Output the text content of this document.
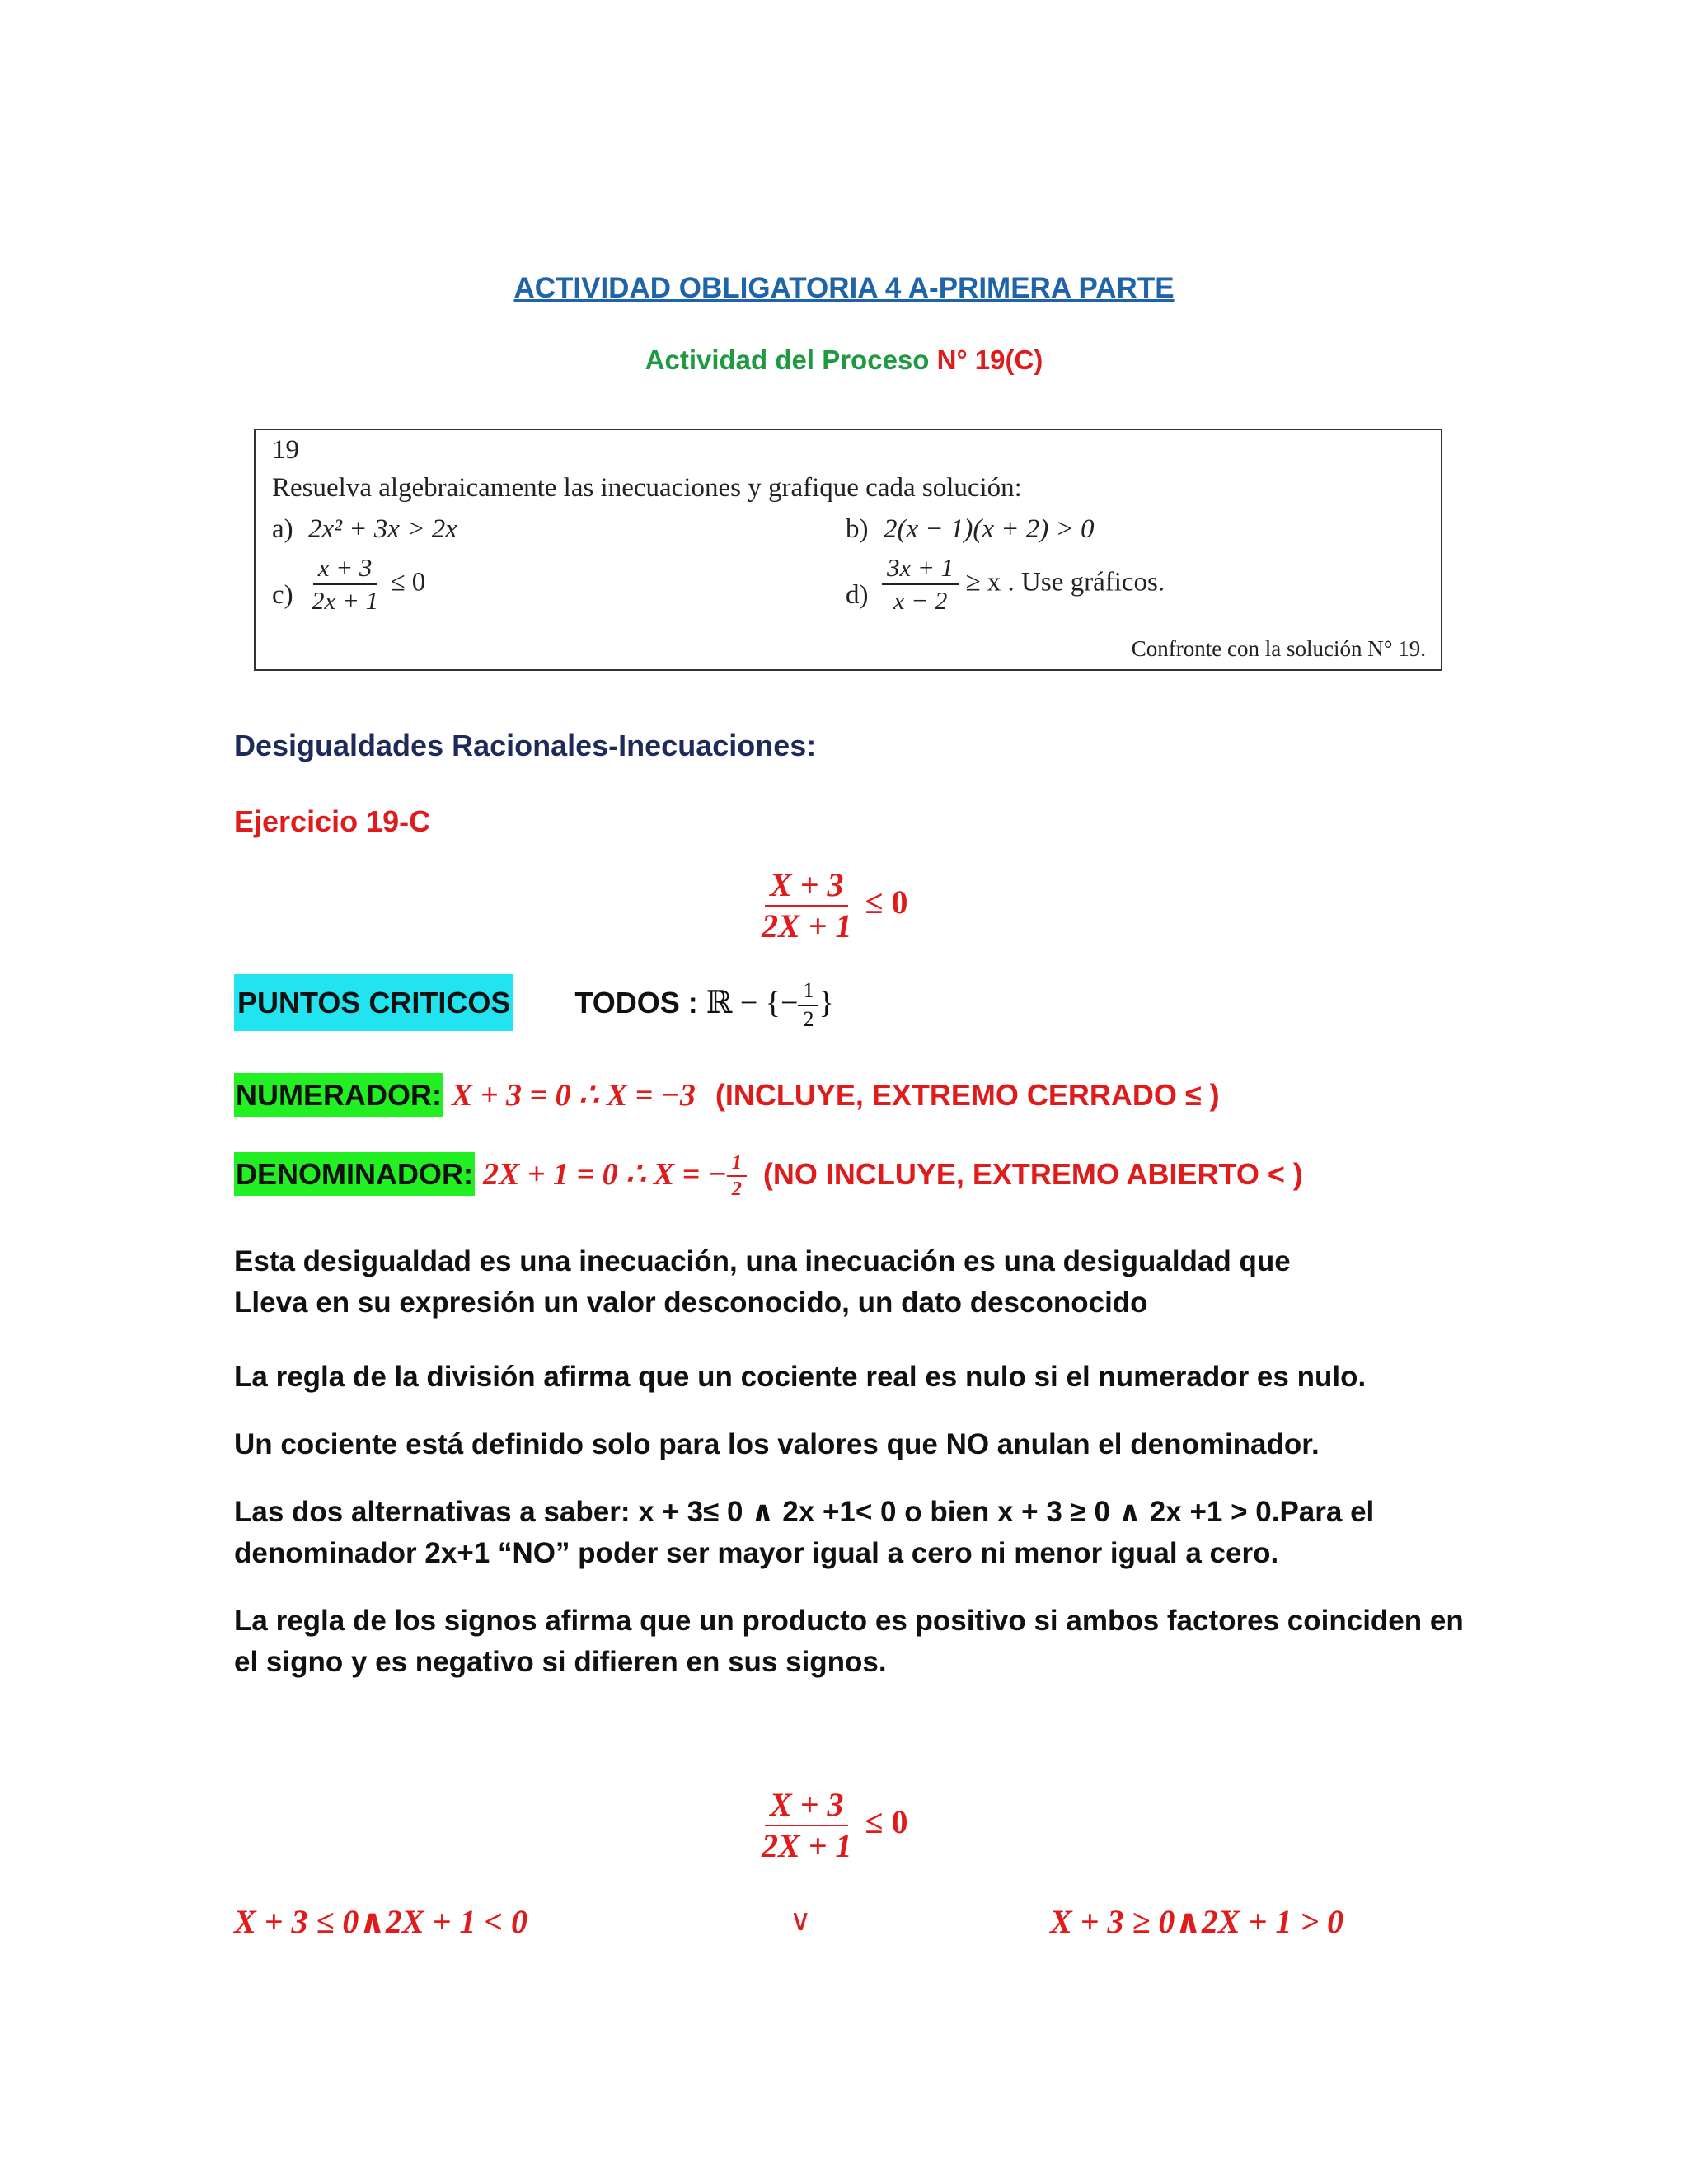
ACTIVIDAD OBLIGATORIA 4 A-PRIMERA PARTE
Actividad del Proceso N° 19(C)
19
Resuelva algebraicamente las inecuaciones y grafique cada solución:
a) 2x² + 3x > 2x	b) 2(x − 1)(x + 2) > 0
$c) \frac{x + 3}{2x + 1} \le 0$	$d) \frac{3x + 1}{x - 2} \ge x$ . Use gráficos.
Confronte con la solución N° 19.
Desigualdades Racionales-Inecuaciones:
Ejercicio 19-C
$\frac{X + 3}{2X + 1} \le 0$
PUNTOS CRITICOS TODOS : ℝ − {− $\frac{1}{2}$ }
NUMERADOR: X + 3 = 0 ∴ X = −3 (INCLUYE, EXTREMO CERRADO ≤ )
DENOMINADOR: 2X + 1 = 0 ∴ X = − $\frac{1}{2} (NO$ INCLUYE, EXTREMO ABIERTO < )
Esta desigualdad es una inecuación, una inecuación es una desigualdad que
Lleva en su expresión un valor desconocido, un dato desconocido
La regla de la división afirma que un cociente real es nulo si el numerador es nulo.
Un cociente está definido solo para los valores que NO anulan el denominador.
Las dos alternativas a saber: x + 3≤ 0 ∧ 2x +1< 0 o bien x + 3 ≥ 0 ∧ 2x +1 > 0.Para el
denominador 2x+1 “NO” poder ser mayor igual a cero ni menor igual a cero.
La regla de los signos afirma que un producto es positivo si ambos factores coinciden en
el signo y es negativo si difieren en sus signos.
$\frac{X + 3}{2X + 1} \le 0$
X + 3 ≤ 0∧2X + 1 < 0	∨	X + 3 ≥ 0∧2X + 1 > 0
